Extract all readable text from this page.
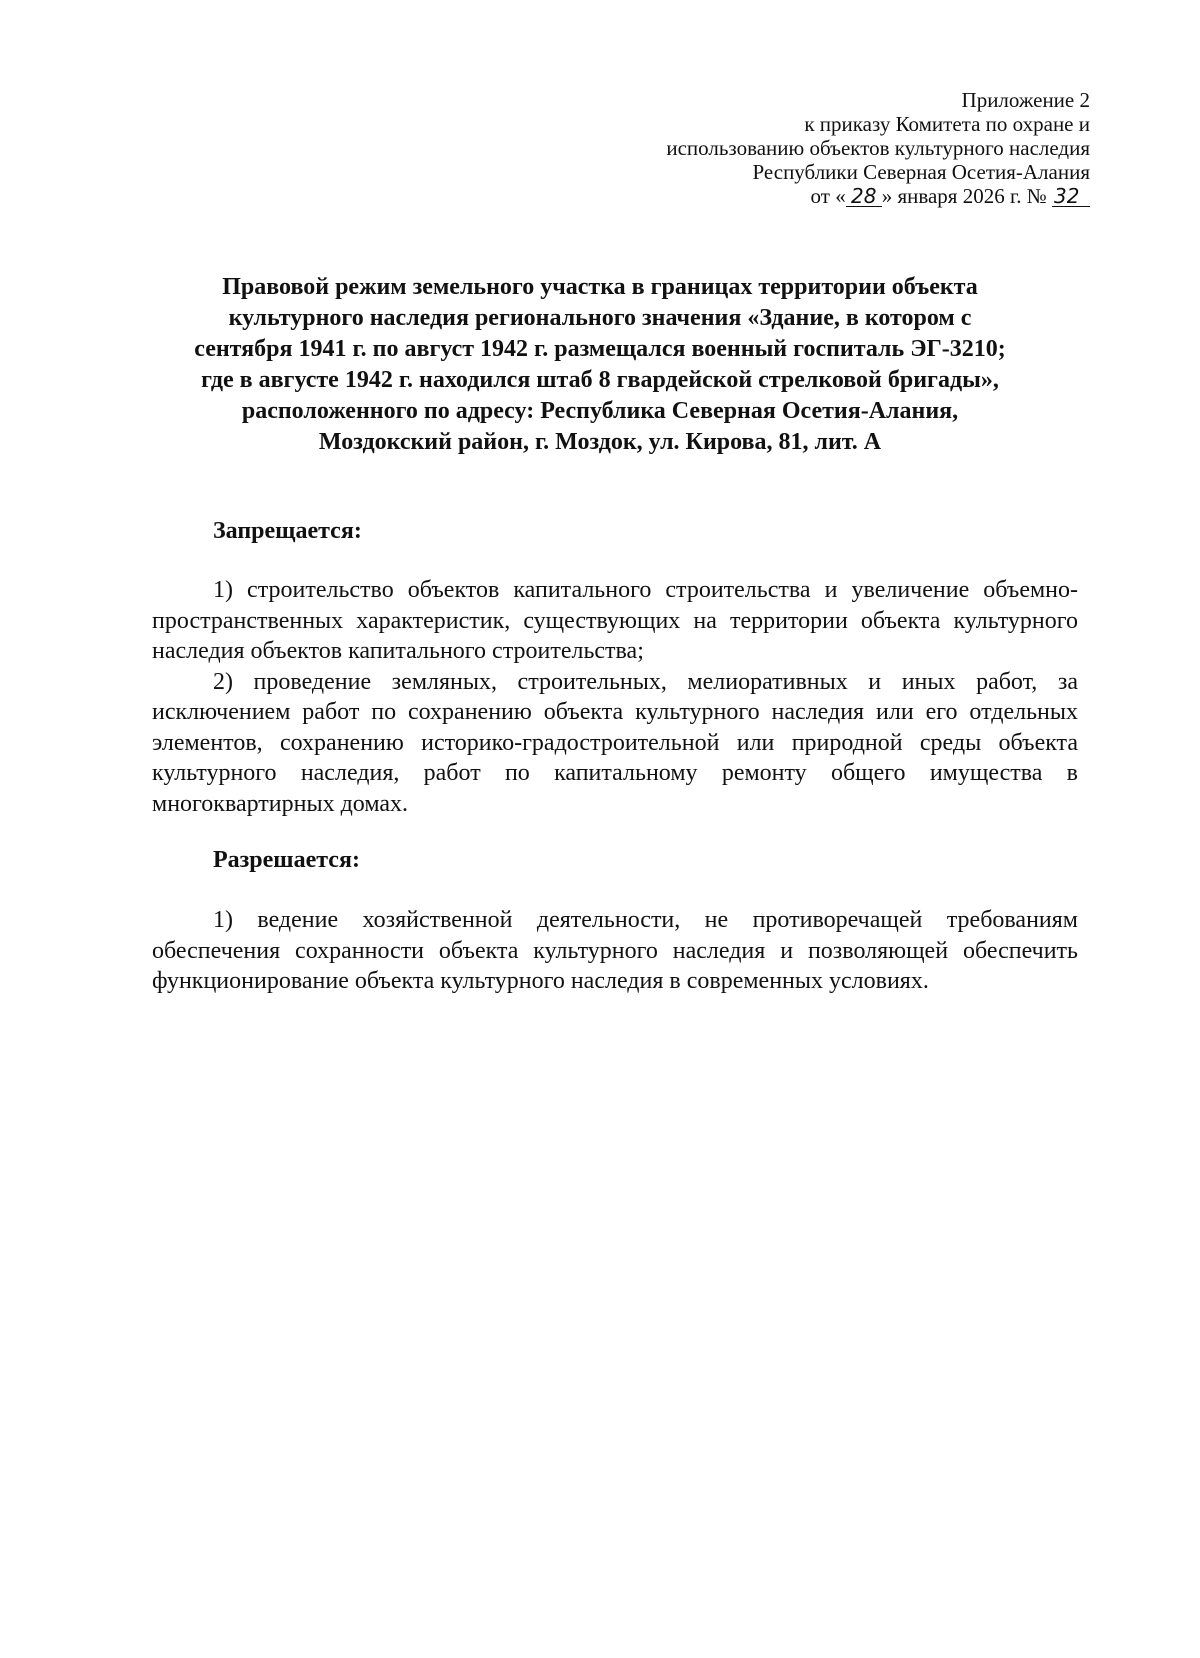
Приложение 2
к приказу Комитета по охране и
использованию объектов культурного наследия
Республики Северная Осетия-Алания
от « 28 » января 2026 г. № 32
Правовой режим земельного участка в границах территории объекта
культурного наследия регионального значения «Здание, в котором с
сентября 1941 г. по август 1942 г. размещался военный госпиталь ЭГ-3210;
где в августе 1942 г. находился штаб 8 гвардейской стрелковой бригады»,
расположенного по адресу: Республика Северная Осетия-Алания,
Моздокский район, г. Моздок, ул. Кирова, 81, лит. А
Запрещается:

1) строительство объектов капитального строительства и увеличение объемно-пространственных характеристик, существующих на территории объекта культурного наследия объектов капитального строительства;

2) проведение земляных, строительных, мелиоративных и иных работ, за исключением работ по сохранению объекта культурного наследия или его отдельных элементов, сохранению историко-градостроительной или природной среды объекта культурного наследия, работ по капитальному ремонту общего имущества в многоквартирных домах.

Разрешается:

1) ведение хозяйственной деятельности, не противоречащей требованиям обеспечения сохранности объекта культурного наследия и позволяющей обеспечить функционирование объекта культурного наследия в современных условиях.
